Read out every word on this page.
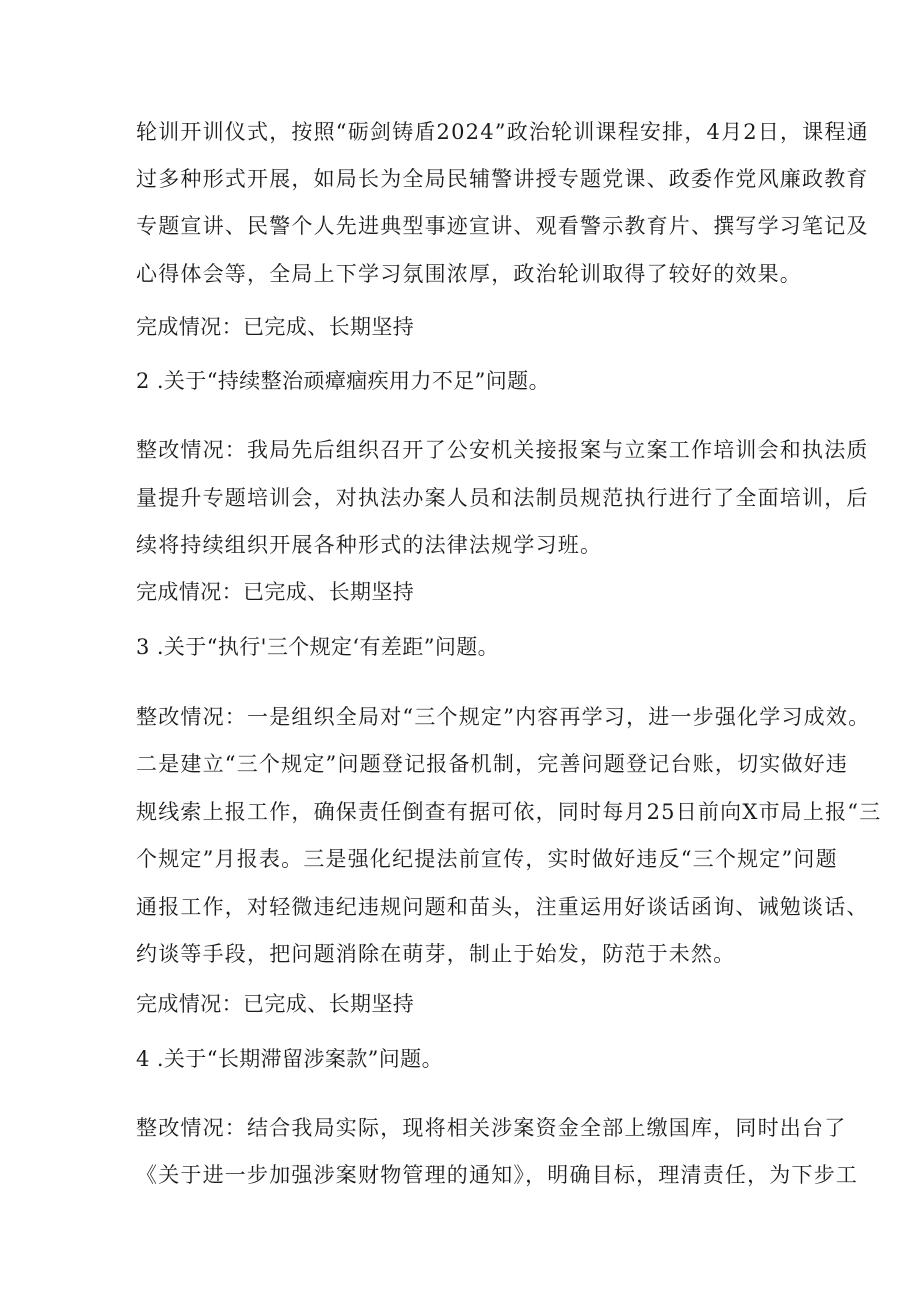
轮训开训仪式，按照“砺剑铸盾2024”政治轮训课程安排，4月2日，课程通
过多种形式开展，如局长为全局民辅警讲授专题党课、政委作党风廉政教育
专题宣讲、民警个人先进典型事迹宣讲、观看警示教育片、撰写学习笔记及
心得体会等，全局上下学习氛围浓厚，政治轮训取得了较好的效果。
完成情况：已完成、长期坚持
2 .关于“持续整治顽瘴痼疾用力不足”问题。
整改情况：我局先后组织召开了公安机关接报案与立案工作培训会和执法质
量提升专题培训会，对执法办案人员和法制员规范执行进行了全面培训，后
续将持续组织开展各种形式的法律法规学习班。
完成情况：已完成、长期坚持
3 .关于“执行'三个规定‘有差距”问题。
整改情况：一是组织全局对“三个规定”内容再学习，进一步强化学习成效。
二是建立“三个规定”问题登记报备机制，完善问题登记台账，切实做好违
规线索上报工作，确保责任倒查有据可依，同时每月25日前向X市局上报“三
个规定”月报表。三是强化纪提法前宣传，实时做好违反“三个规定”问题
通报工作，对轻微违纪违规问题和苗头，注重运用好谈话函询、诫勉谈话、
约谈等手段，把问题消除在萌芽，制止于始发，防范于未然。
完成情况：已完成、长期坚持
4 .关于“长期滞留涉案款”问题。
整改情况：结合我局实际，现将相关涉案资金全部上缴国库，同时出台了
《关于进一步加强涉案财物管理的通知》，明确目标，理清责任，为下步工
